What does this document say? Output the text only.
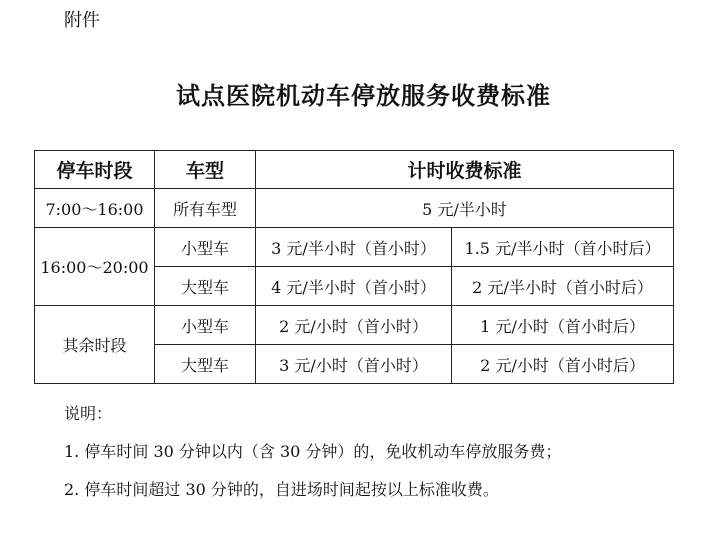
附件
试点医院机动车停放服务收费标准
停车时段	车型	计时收费标准	
7:00～16:00	所有车型	5 元/半小时	
16:00～20:00	小型车	3 元/半小时（首小时）	1.5 元/半小时（首小时后）
	大型车	4 元/半小时（首小时）	2 元/半小时（首小时后）
其余时段	小型车	2 元/小时（首小时）	1 元/小时（首小时后）
	大型车	3 元/小时（首小时）	2 元/小时（首小时后）
说明：
1. 停车时间 30 分钟以内（含 30 分钟）的，免收机动车停放服务费；
2. 停车时间超过 30 分钟的，自进场时间起按以上标准收费。
